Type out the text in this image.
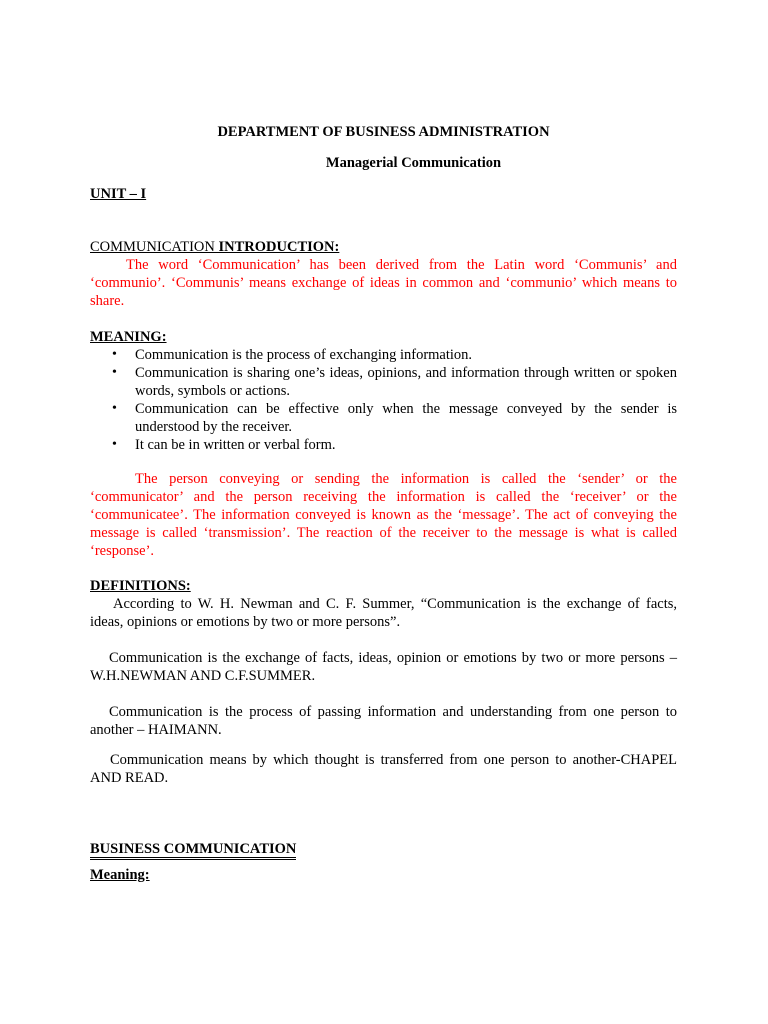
DEPARTMENT OF BUSINESS ADMINISTRATION
Managerial Communication
UNIT – I
COMMUNICATION INTRODUCTION:
The word ‘Communication’ has been derived from the Latin word ‘Communis’ and ‘communio’. ‘Communis’ means exchange of ideas in common and ‘communio’ which means to share.
MEANING:
• Communication is the process of exchanging information.
• Communication is sharing one’s ideas, opinions, and information through written or spoken words, symbols or actions.
• Communication can be effective only when the message conveyed by the sender is understood by the receiver.
• It can be in written or verbal form.
The person conveying or sending the information is called the ‘sender’ or the ‘communicator’ and the person receiving the information is called the ‘receiver’ or the ‘communicatee’. The information conveyed is known as the ‘message’. The act of conveying the message is called ‘transmission’. The reaction of the receiver to the message is what is called ‘response’.
DEFINITIONS:
According to W. H. Newman and C. F. Summer, “Communication is the exchange of facts, ideas, opinions or emotions by two or more persons”.
Communication is the exchange of facts, ideas, opinion or emotions by two or more persons – W.H.NEWMAN AND C.F.SUMMER.
Communication is the process of passing information and understanding from one person to another – HAIMANN.
Communication means by which thought is transferred from one person to another-CHAPEL AND READ.
BUSINESS COMMUNICATION
Meaning:
